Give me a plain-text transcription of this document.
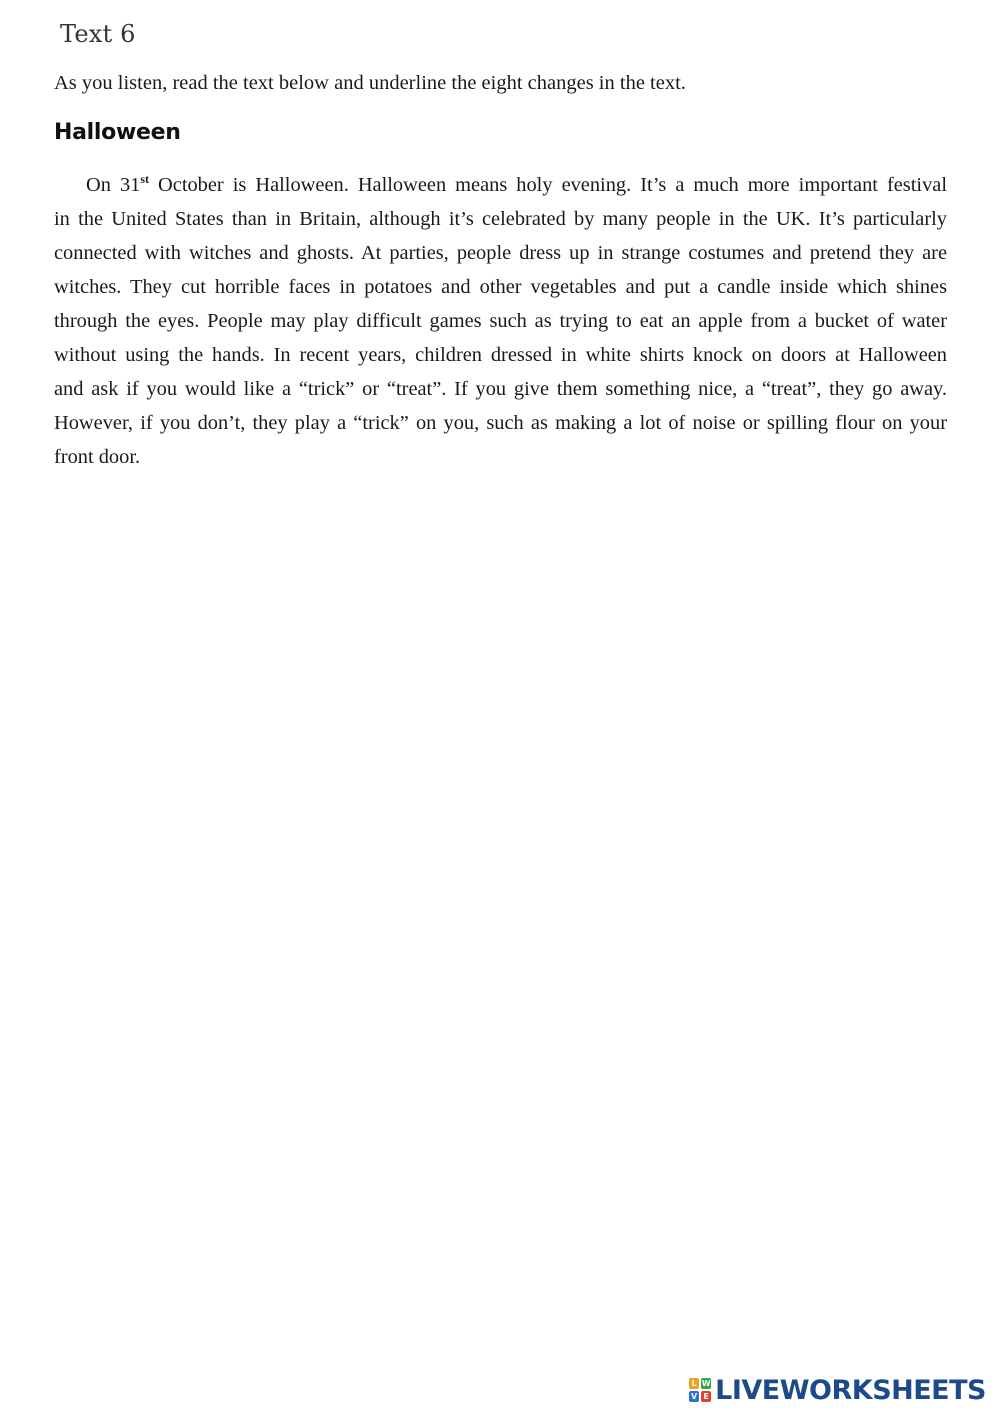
Text 6
As you listen, read the text below and underline the eight changes in the text.
Halloween
On 31st October is Halloween. Halloween means holy evening. It’s a much more important festival
in the United States than in Britain, although it’s celebrated by many people in the UK. It’s particularly
connected with witches and ghosts. At parties, people dress up in strange costumes and pretend they are
witches. They cut horrible faces in potatoes and other vegetables and put a candle inside which shines
through the eyes. People may play difficult games such as trying to eat an apple from a bucket of water
without using the hands. In recent years, children dressed in white shirts knock on doors at Halloween
and ask if you would like a “trick” or “treat”. If you give them something nice, a “treat”, they go away.
However, if you don’t, they play a “trick” on you, such as making a lot of noise or spilling flour on your
front door.
L W
V E LIVEWORKSHEETS
